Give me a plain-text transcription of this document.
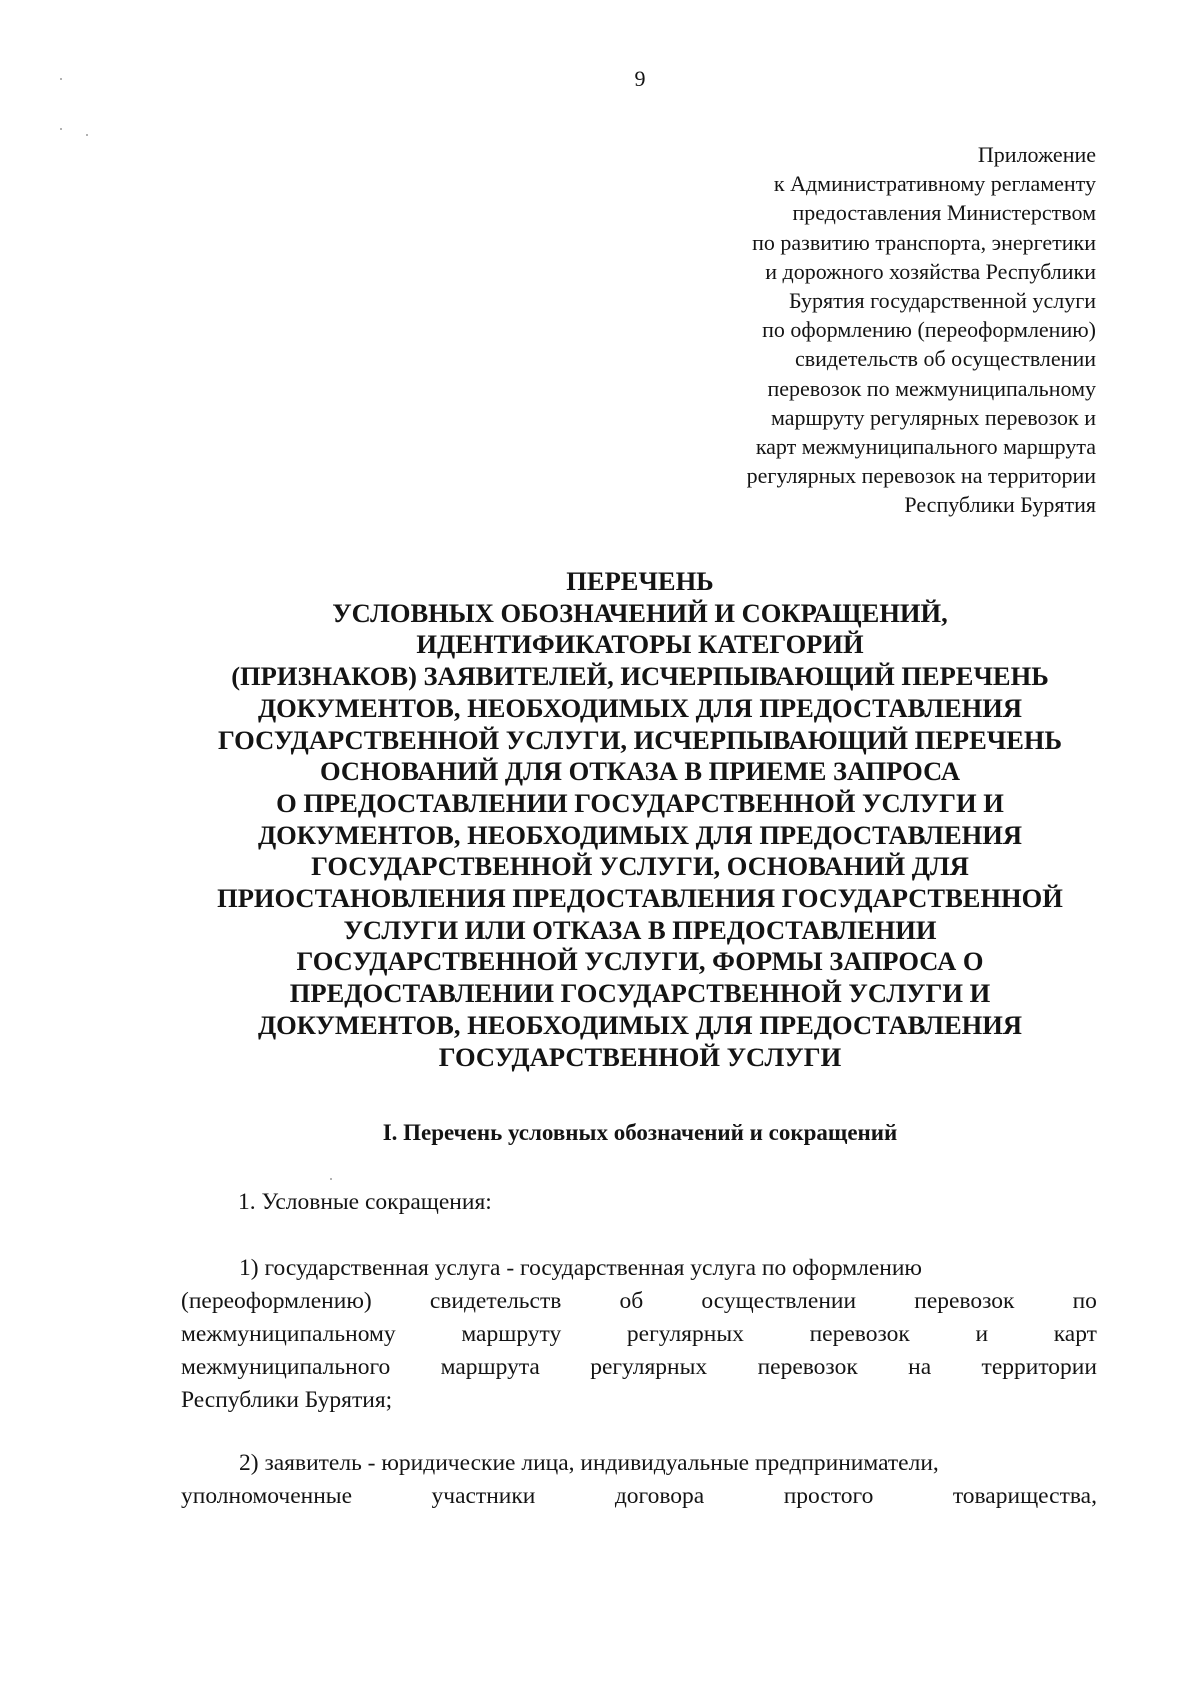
9
Приложение
к Административному регламенту
предоставления Министерством
по развитию транспорта, энергетики
и дорожного хозяйства Республики
Бурятия государственной услуги
по оформлению (переоформлению)
свидетельств об осуществлении
перевозок по межмуниципальному
маршруту регулярных перевозок и
карт межмуниципального маршрута
регулярных перевозок на территории
Республики Бурятия
ПЕРЕЧЕНЬ
УСЛОВНЫХ ОБОЗНАЧЕНИЙ И СОКРАЩЕНИЙ,
ИДЕНТИФИКАТОРЫ КАТЕГОРИЙ
(ПРИЗНАКОВ) ЗАЯВИТЕЛЕЙ, ИСЧЕРПЫВАЮЩИЙ ПЕРЕЧЕНЬ
ДОКУМЕНТОВ, НЕОБХОДИМЫХ ДЛЯ ПРЕДОСТАВЛЕНИЯ
ГОСУДАРСТВЕННОЙ УСЛУГИ, ИСЧЕРПЫВАЮЩИЙ ПЕРЕЧЕНЬ
ОСНОВАНИЙ ДЛЯ ОТКАЗА В ПРИЕМЕ ЗАПРОСА
О ПРЕДОСТАВЛЕНИИ ГОСУДАРСТВЕННОЙ УСЛУГИ И
ДОКУМЕНТОВ, НЕОБХОДИМЫХ ДЛЯ ПРЕДОСТАВЛЕНИЯ
ГОСУДАРСТВЕННОЙ УСЛУГИ, ОСНОВАНИЙ ДЛЯ
ПРИОСТАНОВЛЕНИЯ ПРЕДОСТАВЛЕНИЯ ГОСУДАРСТВЕННОЙ
УСЛУГИ ИЛИ ОТКАЗА В ПРЕДОСТАВЛЕНИИ
ГОСУДАРСТВЕННОЙ УСЛУГИ, ФОРМЫ ЗАПРОСА О
ПРЕДОСТАВЛЕНИИ ГОСУДАРСТВЕННОЙ УСЛУГИ И
ДОКУМЕНТОВ, НЕОБХОДИМЫХ ДЛЯ ПРЕДОСТАВЛЕНИЯ
ГОСУДАРСТВЕННОЙ УСЛУГИ
I. Перечень условных обозначений и сокращений
1. Условные сокращения:
1) государственная услуга - государственная услуга по оформлению
(переоформлению) свидетельств об осуществлении перевозок по
межмуниципальному	маршруту	регулярных	перевозок	и	карт
межмуниципального маршрута регулярных перевозок на территории
Республики Бурятия;
2) заявитель - юридические лица, индивидуальные предприниматели,
уполномоченные	участники	договора	простого	товарищества,
